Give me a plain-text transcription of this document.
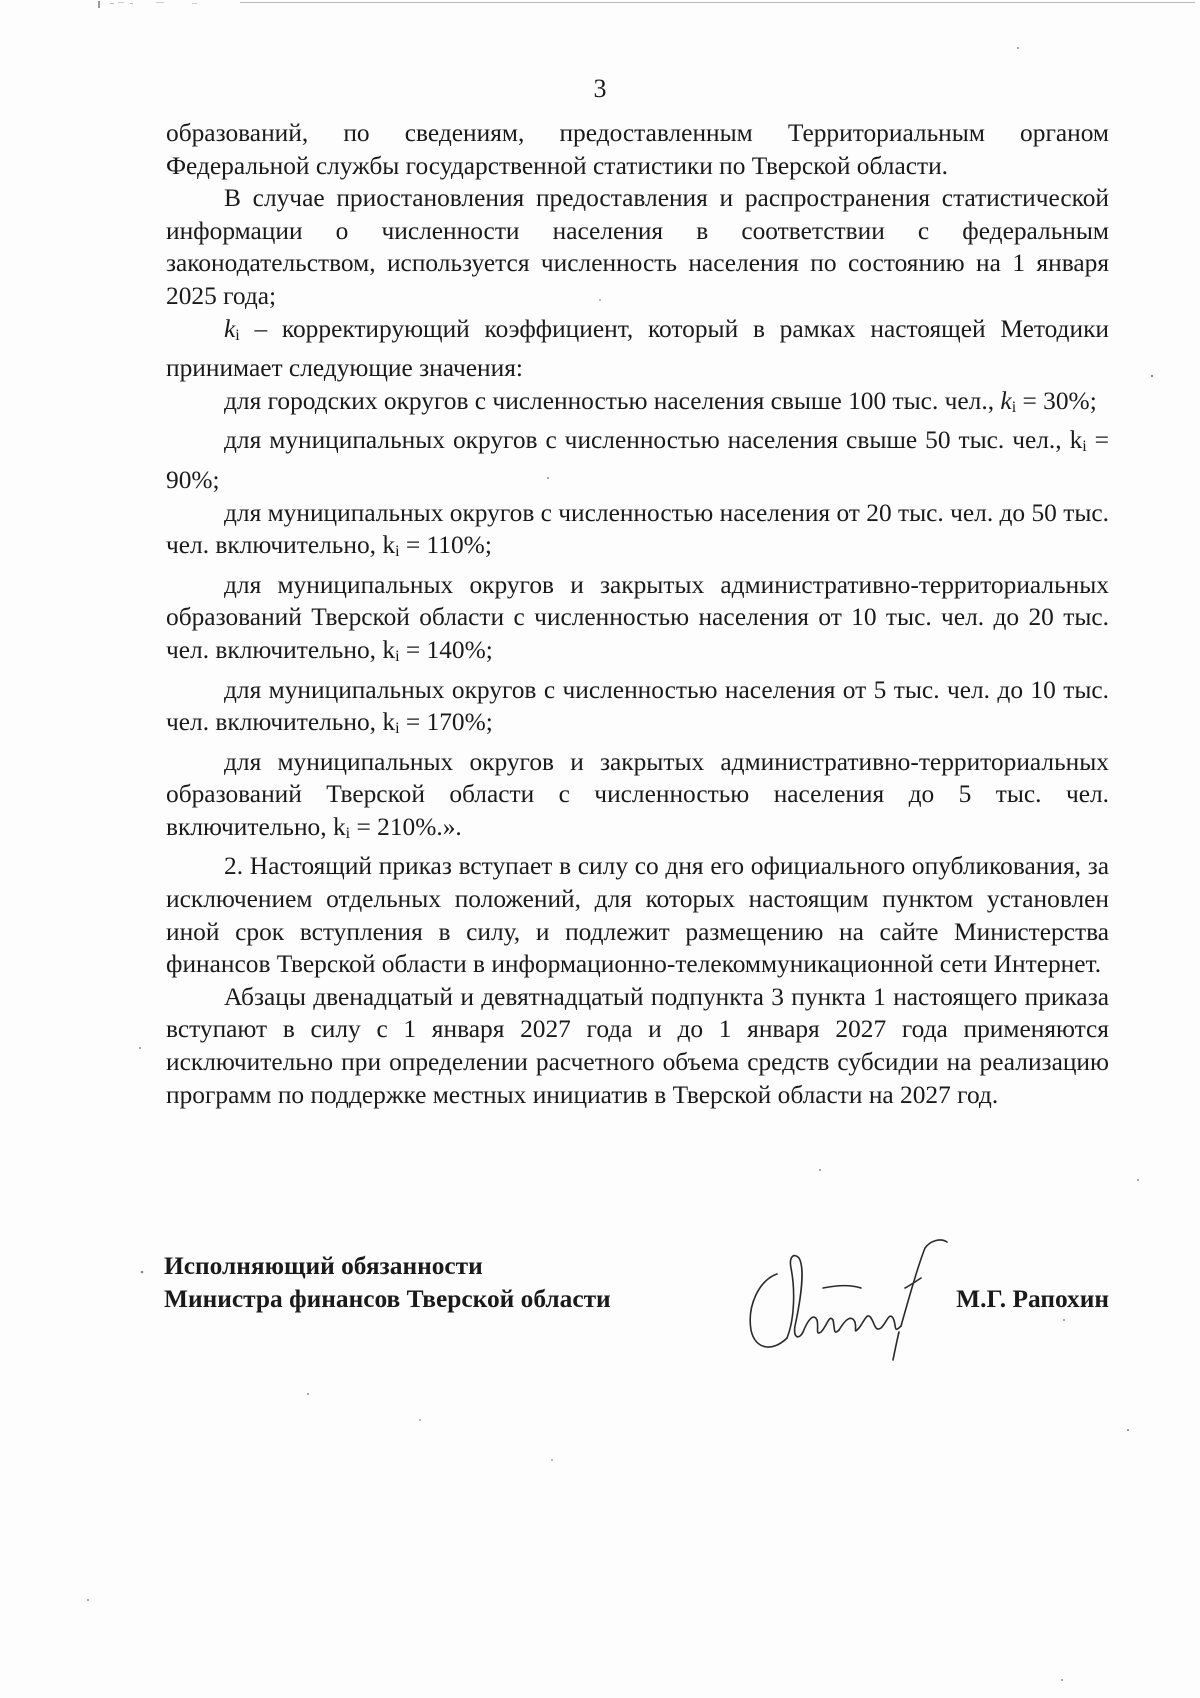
3

образований, по сведениям, предоставленным Территориальным органом Федеральной службы государственной статистики по Тверской области.

В случае приостановления предоставления и распространения статистической информации о численности населения в соответствии с федеральным законодательством, используется численность населения по состоянию на 1 января 2025 года;

ki – корректирующий коэффициент, который в рамках настоящей Методики принимает следующие значения:

для городских округов с численностью населения свыше 100 тыс. чел., ki = 30%;

для муниципальных округов с численностью населения свыше 50 тыс. чел., ki = 90%;

для муниципальных округов с численностью населения от 20 тыс. чел. до 50 тыс. чел. включительно, ki = 110%;

для муниципальных округов и закрытых административно-территориальных образований Тверской области с численностью населения от 10 тыс. чел. до 20 тыс. чел. включительно, ki = 140%;

для муниципальных округов с численностью населения от 5 тыс. чел. до 10 тыс. чел. включительно, ki = 170%;

для муниципальных округов и закрытых административно-территориальных образований Тверской области с численностью населения до 5 тыс. чел. включительно, ki = 210%.».

2. Настоящий приказ вступает в силу со дня его официального опубликования, за исключением отдельных положений, для которых настоящим пунктом установлен иной срок вступления в силу, и подлежит размещению на сайте Министерства финансов Тверской области в информационно-телекоммуникационной сети Интернет.

Абзацы двенадцатый и девятнадцатый подпункта 3 пункта 1 настоящего приказа вступают в силу с 1 января 2027 года и до 1 января 2027 года применяются исключительно при определении расчетного объема средств субсидии на реализацию программ по поддержке местных инициатив в Тверской области на 2027 год.

Исполняющий обязанности
Министра финансов Тверской области	М.Г. Рапохин
